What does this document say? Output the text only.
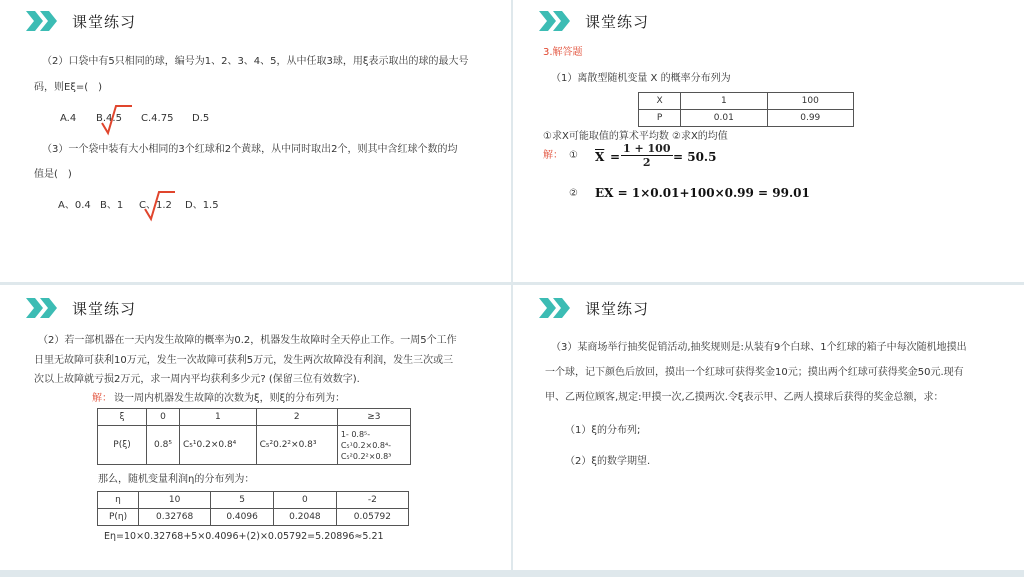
课堂练习
（2）口袋中有5只相同的球，编号为1、2、3、4、5，从中任取3球，用ξ表示取出的球的最大号
码，则Eξ=(　)
A.4 B.4.5 C.4.75 D.5
（3）一个袋中装有大小相同的3个红球和2个黄球，从中同时取出2个，则其中含红球个数的均
值是(　)
A、0.4 B、1 C、1.2 D、1.5
课堂练习
3.解答题
（1）离散型随机变量 X 的概率分布列为
X	1	100
P	0.01	0.99
①求X可能取值的算术平均数 ②求X的均值
解： ① $\overline{X} = \frac{1 + 100}{2} = 50.5$
② EX = 1×0.01+100×0.99 = 99.01
课堂练习
（2）若一部机器在一天内发生故障的概率为0.2，机器发生故障时全天停止工作。一周5个工作
日里无故障可获利10万元，发生一次故障可获利5万元，发生两次故障没有利润，发生三次或三
次以上故障就亏损2万元，求一周内平均获利多少元? (保留三位有效数字).
解： 设一周内机器发生故障的次数为ξ，则ξ的分布列为：
ξ	0	1	2	≥3
P(ξ)	0.8⁵	C₅¹0.2×0.8⁴	C₅²0.2²×0.8³	1- 0.8⁵-
C₅¹0.2×0.8⁴-
C₅²0.2²×0.8³
那么，随机变量利润η的分布列为：
η	10	5	0	-2
P(η)	0.32768	0.4096	0.2048	0.05792
Eη=10×0.32768+5×0.4096+(2)×0.05792=5.20896≈5.21
课堂练习
（3）某商场举行抽奖促销活动,抽奖规则是:从装有9个白球、1个红球的箱子中每次随机地摸出
一个球，记下颜色后放回，摸出一个红球可获得奖金10元；摸出两个红球可获得奖金50元.现有
甲、乙两位顾客,规定:甲摸一次,乙摸两次.令ξ表示甲、乙两人摸球后获得的奖金总额，求：
（1）ξ的分布列;
（2）ξ的数学期望.
